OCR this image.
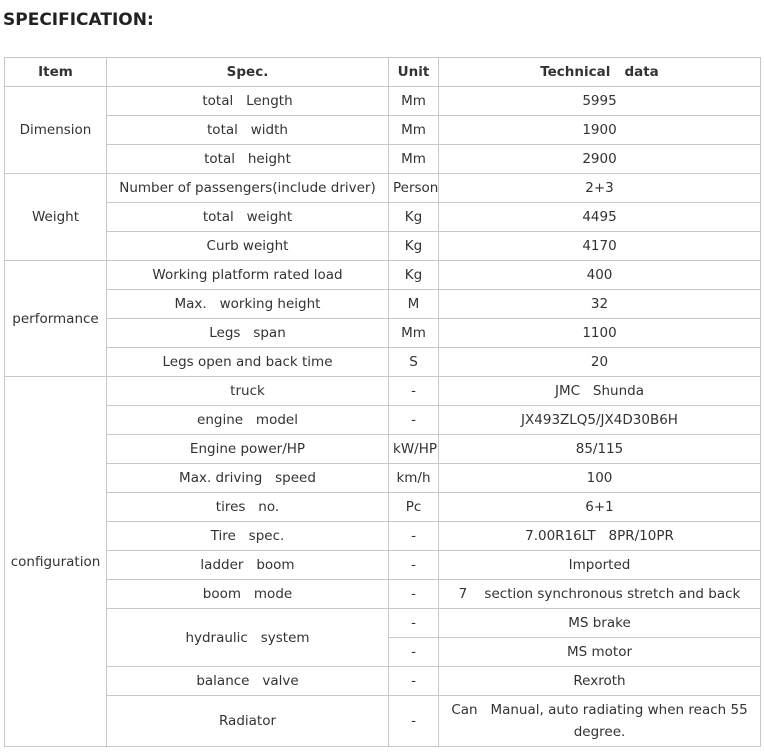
SPECIFICATION:
Item	Spec.	Unit	Technical   data
Dimension	total   Length	Mm	5995
	total   width	Mm	1900
	total   height	Mm	2900
Weight	Number of passengers(include driver)	Person	2+3
	total   weight	Kg	4495
	Curb weight	Kg	4170
performance	Working platform rated load	Kg	400
	Max.   working height	M	32
	Legs   span	Mm	1100
	Legs open and back time	S	20
configuration	truck	-	JMC   Shunda
	engine   model	-	JX493ZLQ5/JX4D30B6H
	Engine power/HP	kW/HP	85/115
	Max. driving   speed	km/h	100
	tires   no.	Pc	6+1
	Tire   spec.	-	7.00R16LT   8PR/10PR
	ladder   boom	-	Imported
	boom   mode	-	7    section synchronous stretch and back
	hydraulic   system	-	MS brake
		-	MS motor
	balance   valve	-	Rexroth
	Radiator	-	Can   Manual, auto radiating when reach 55 degree.
